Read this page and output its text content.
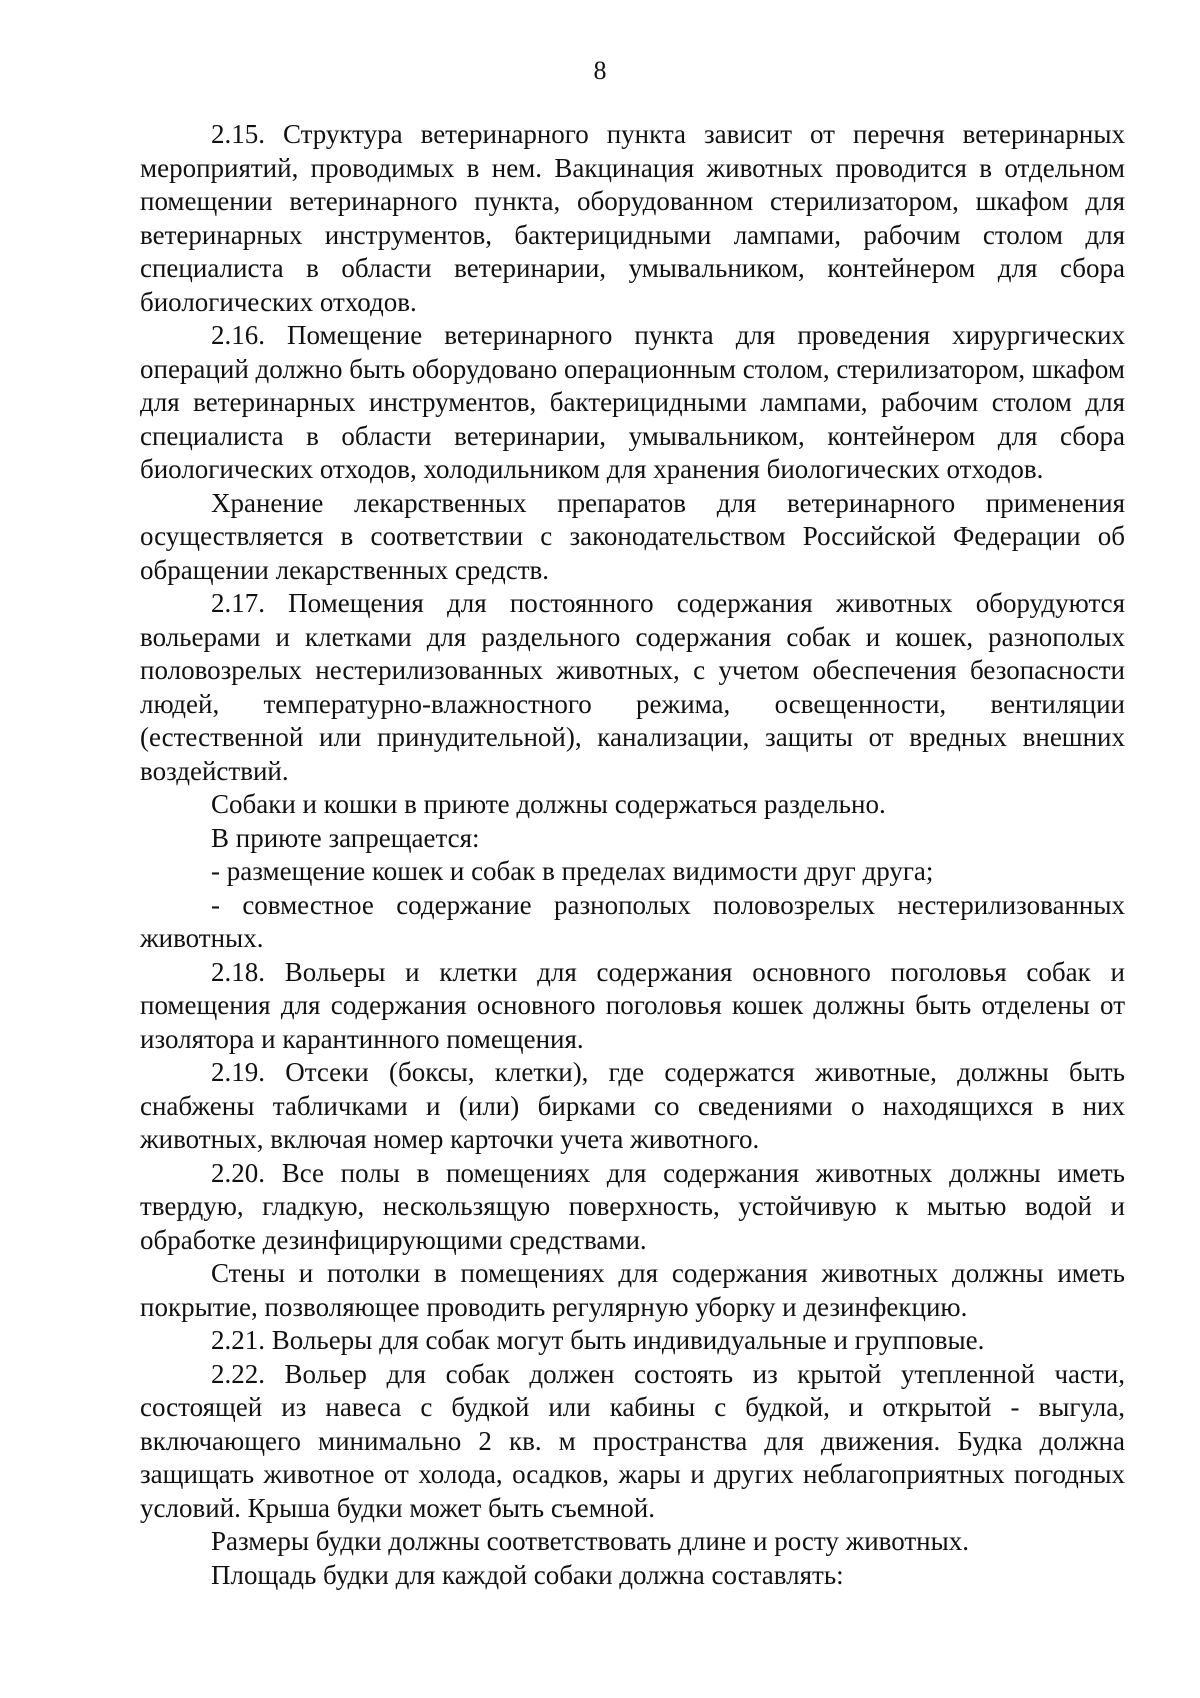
8

2.15. Структура ветеринарного пункта зависит от перечня ветеринарных мероприятий, проводимых в нем. Вакцинация животных проводится в отдельном помещении ветеринарного пункта, оборудованном стерилизатором, шкафом для ветеринарных инструментов, бактерицидными лампами, рабочим столом для специалиста в области ветеринарии, умывальником, контейнером для сбора биологических отходов.

2.16. Помещение ветеринарного пункта для проведения хирургических операций должно быть оборудовано операционным столом, стерилизатором, шкафом для ветеринарных инструментов, бактерицидными лампами, рабочим столом для специалиста в области ветеринарии, умывальником, контейнером для сбора биологических отходов, холодильником для хранения биологических отходов.

Хранение лекарственных препаратов для ветеринарного применения осуществляется в соответствии с законодательством Российской Федерации об обращении лекарственных средств.

2.17. Помещения для постоянного содержания животных оборудуются вольерами и клетками для раздельного содержания собак и кошек, разнополых половозрелых нестерилизованных животных, с учетом обеспечения безопасности людей, температурно-влажностного режима, освещенности, вентиляции (естественной или принудительной), канализации, защиты от вредных внешних воздействий.

Собаки и кошки в приюте должны содержаться раздельно.

В приюте запрещается:

- размещение кошек и собак в пределах видимости друг друга;

- совместное содержание разнополых половозрелых нестерилизованных животных.

2.18. Вольеры и клетки для содержания основного поголовья собак и помещения для содержания основного поголовья кошек должны быть отделены от изолятора и карантинного помещения.

2.19. Отсеки (боксы, клетки), где содержатся животные, должны быть снабжены табличками и (или) бирками со сведениями о находящихся в них животных, включая номер карточки учета животного.

2.20. Все полы в помещениях для содержания животных должны иметь твердую, гладкую, нескользящую поверхность, устойчивую к мытью водой и обработке дезинфицирующими средствами.

Стены и потолки в помещениях для содержания животных должны иметь покрытие, позволяющее проводить регулярную уборку и дезинфекцию.

2.21. Вольеры для собак могут быть индивидуальные и групповые.

2.22. Вольер для собак должен состоять из крытой утепленной части, состоящей из навеса с будкой или кабины с будкой, и открытой - выгула, включающего минимально 2 кв. м пространства для движения. Будка должна защищать животное от холода, осадков, жары и других неблагоприятных погодных условий. Крыша будки может быть съемной.

Размеры будки должны соответствовать длине и росту животных.

Площадь будки для каждой собаки должна составлять:
